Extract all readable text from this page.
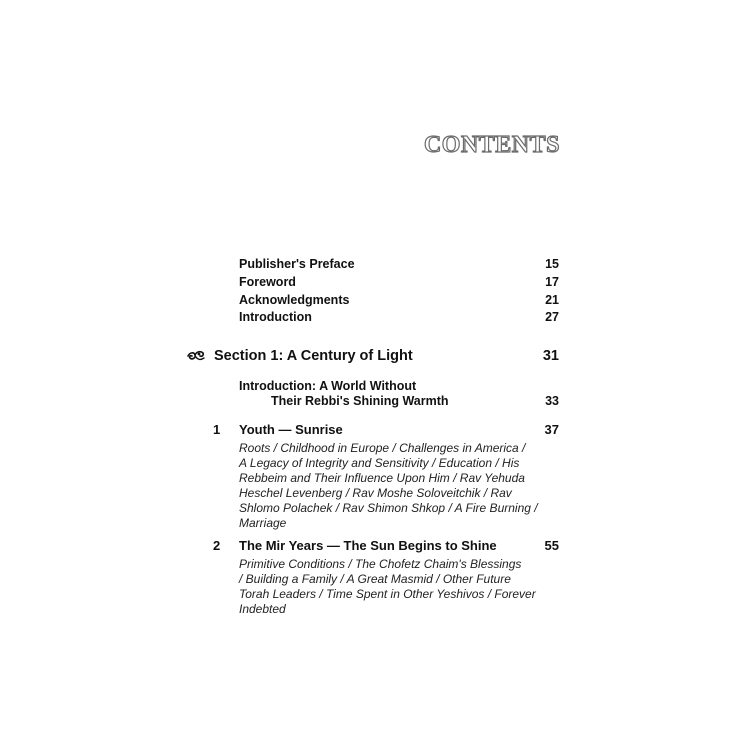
CONTENTS
Publisher's Preface	15
Foreword	17
Acknowledgments	21
Introduction	27
Section 1: A Century of Light	31
Introduction: A World Without
Their Rebbi's Shining Warmth	33
1	Youth — Sunrise	37
Roots / Childhood in Europe / Challenges in America /
A Legacy of Integrity and Sensitivity / Education / His
Rebbeim and Their Influence Upon Him / Rav Yehuda
Heschel Levenberg / Rav Moshe Soloveitchik / Rav
Shlomo Polachek / Rav Shimon Shkop / A Fire Burning /
Marriage
2	The Mir Years — The Sun Begins to Shine	55
Primitive Conditions / The Chofetz Chaim's Blessings
/ Building a Family / A Great Masmid / Other Future
Torah Leaders / Time Spent in Other Yeshivos / Forever
Indebted
